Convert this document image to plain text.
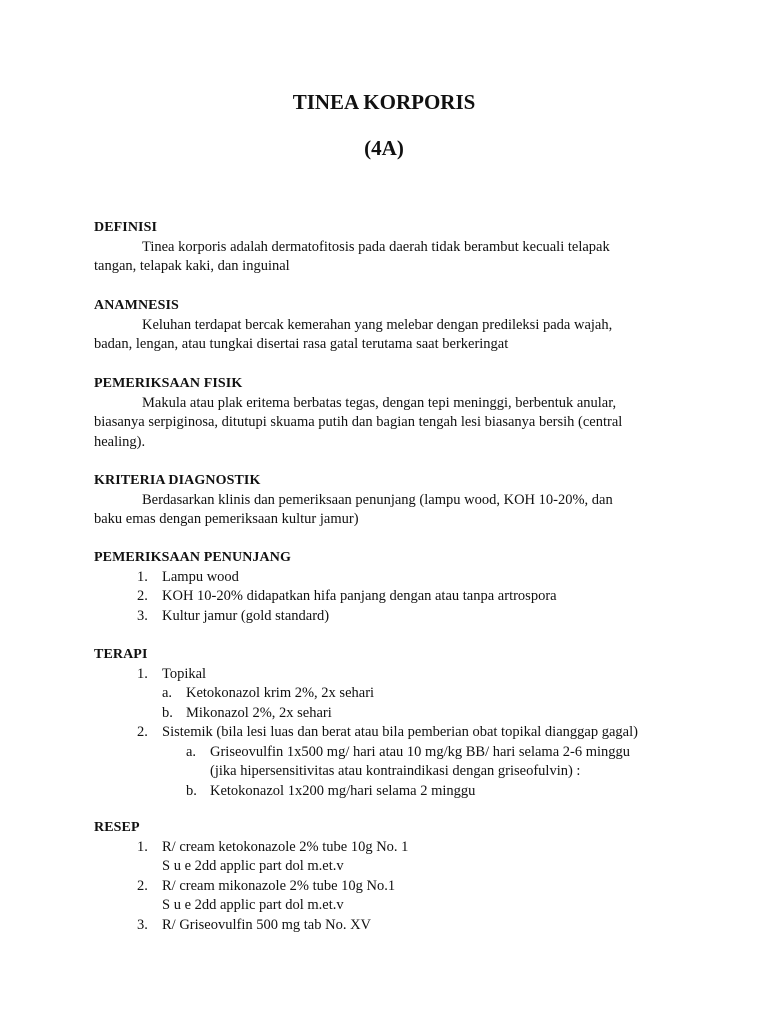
TINEA KORPORIS
(4A)
DEFINISI
Tinea korporis adalah dermatofitosis pada daerah tidak berambut kecuali telapak
tangan, telapak kaki, dan inguinal
ANAMNESIS
Keluhan terdapat bercak kemerahan yang melebar dengan predileksi pada wajah,
badan, lengan, atau tungkai disertai rasa gatal terutama saat berkeringat
PEMERIKSAAN FISIK
Makula atau plak eritema berbatas tegas, dengan tepi meninggi, berbentuk anular,
biasanya serpiginosa, ditutupi skuama putih dan bagian tengah lesi biasanya bersih (central
healing).
KRITERIA DIAGNOSTIK
Berdasarkan klinis dan pemeriksaan penunjang (lampu wood, KOH 10-20%, dan
baku emas dengan pemeriksaan kultur jamur)
PEMERIKSAAN PENUNJANG
1. Lampu wood
2. KOH 10-20% didapatkan hifa panjang dengan atau tanpa artrospora
3. Kultur jamur (gold standard)
TERAPI
1. Topikal
a. Ketokonazol krim 2%, 2x sehari
b. Mikonazol 2%, 2x sehari
2. Sistemik (bila lesi luas dan berat atau bila pemberian obat topikal dianggap gagal)
a. Griseovulfin 1x500 mg/ hari atau 10 mg/kg BB/ hari selama 2-6 minggu
(jika hipersensitivitas atau kontraindikasi dengan griseofulvin) :
b. Ketokonazol 1x200 mg/hari selama 2 minggu
RESEP
1. R/ cream ketokonazole 2% tube 10g No. 1
S u e 2dd applic part dol m.et.v
2. R/ cream mikonazole 2% tube 10g No.1
S u e 2dd applic part dol m.et.v
3. R/ Griseovulfin 500 mg tab No. XV
